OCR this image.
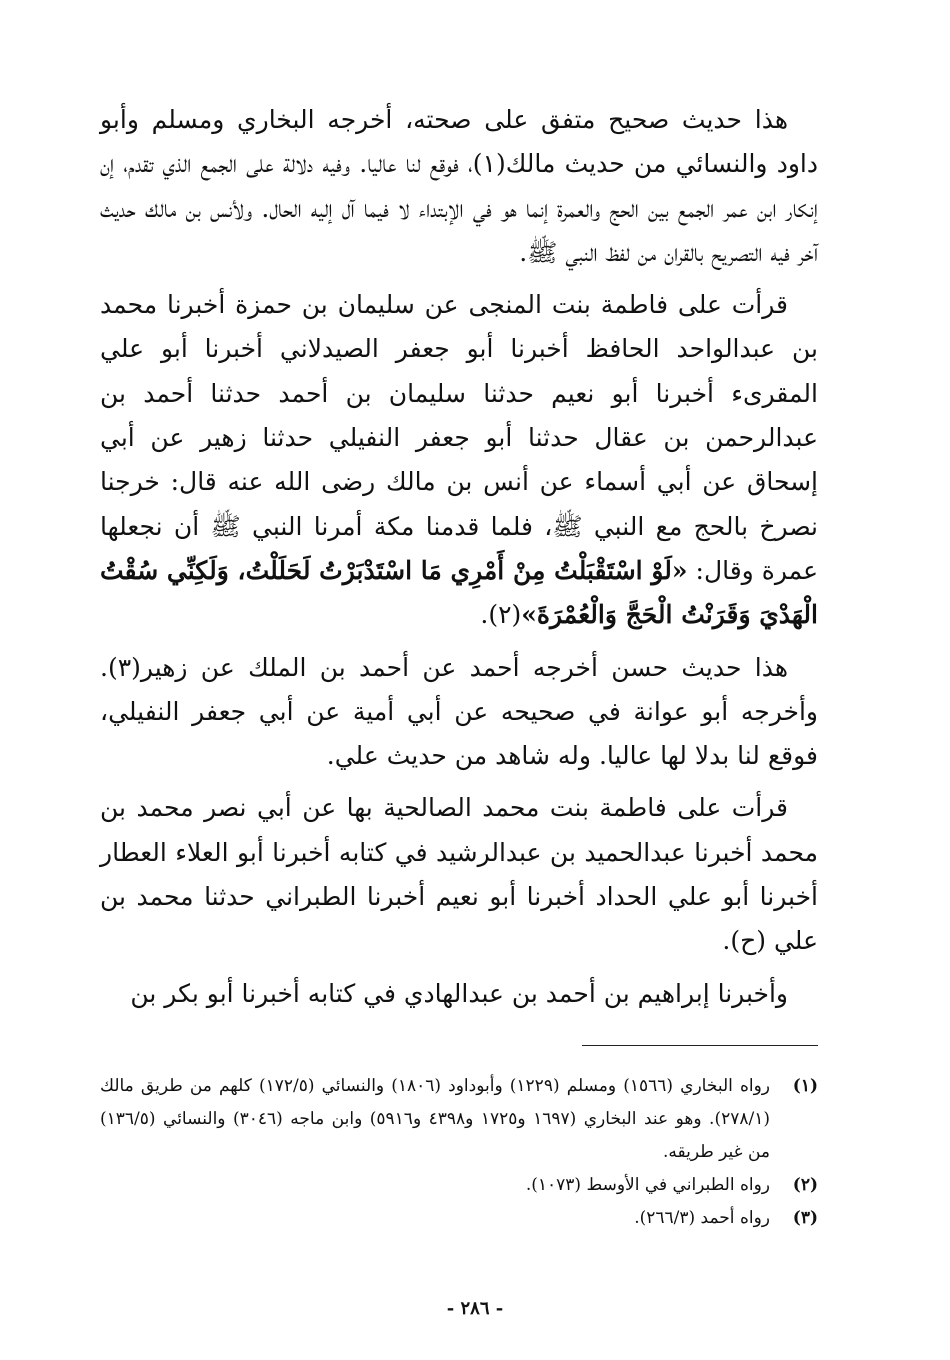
هذا حديث صحيح متفق على صحته، أخرجه البخاري ومسلم وأبو داود والنسائي من حديث مالك(١)، فوقع لنا عاليا. وفيه دلالة على الجمع الذي تقدم، إن إنكار ابن عمر الجمع بين الحج والعمرة إنما هو في الإبتداء لا فيما آل إليه الحال. ولأنس بن مالك حديث آخر فيه التصريح بالقران من لفظ النبي ﷺ.

قرأت على فاطمة بنت المنجى عن سليمان بن حمزة أخبرنا محمد بن عبدالواحد الحافظ أخبرنا أبو جعفر الصيدلاني أخبرنا أبو علي المقرىء أخبرنا أبو نعيم حدثنا سليمان بن أحمد حدثنا أحمد بن عبدالرحمن بن عقال حدثنا أبو جعفر النفيلي حدثنا زهير عن أبي إسحاق عن أبي أسماء عن أنس بن مالك رضى الله عنه قال: خرجنا نصرخ بالحج مع النبي ﷺ، فلما قدمنا مكة أمرنا النبي ﷺ أن نجعلها عمرة وقال: «لَوْ اسْتَقْبَلْتُ مِنْ أَمْرِي مَا اسْتَدْبَرْتُ لَحَلَلْتُ، وَلَكِنِّي سُقْتُ الْهَدْيَ وَقَرَنْتُ الْحَجَّ وَالْعُمْرَةَ»(٢).

هذا حديث حسن أخرجه أحمد عن أحمد بن الملك عن زهير(٣). وأخرجه أبو عوانة في صحيحه عن أبي أمية عن أبي جعفر النفيلي، فوقع لنا بدلا لها عاليا. وله شاهد من حديث علي.

قرأت على فاطمة بنت محمد الصالحية بها عن أبي نصر محمد بن محمد أخبرنا عبدالحميد بن عبدالرشيد في كتابه أخبرنا أبو العلاء العطار أخبرنا أبو علي الحداد أخبرنا أبو نعيم أخبرنا الطبراني حدثنا محمد بن علي (ح).

وأخبرنا إبراهيم بن أحمد بن عبدالهادي في كتابه أخبرنا أبو بكر بن

(١)
رواه البخاري (١٥٦٦) ومسلم (١٢٢٩) وأبوداود (١٨٠٦) والنسائي (١٧٢/٥) كلهم من طريق مالك (٢٧٨/١). وهو عند البخاري (١٦٩٧ و١٧٢٥ و٤٣٩٨ و٥٩١٦) وابن ماجه (٣٠٤٦) والنسائي (١٣٦/٥) من غير طريقه.
(٢)
رواه الطبراني في الأوسط (١٠٧٣).
(٣)
رواه أحمد (٢٦٦/٣).
- ٢٨٦ -
